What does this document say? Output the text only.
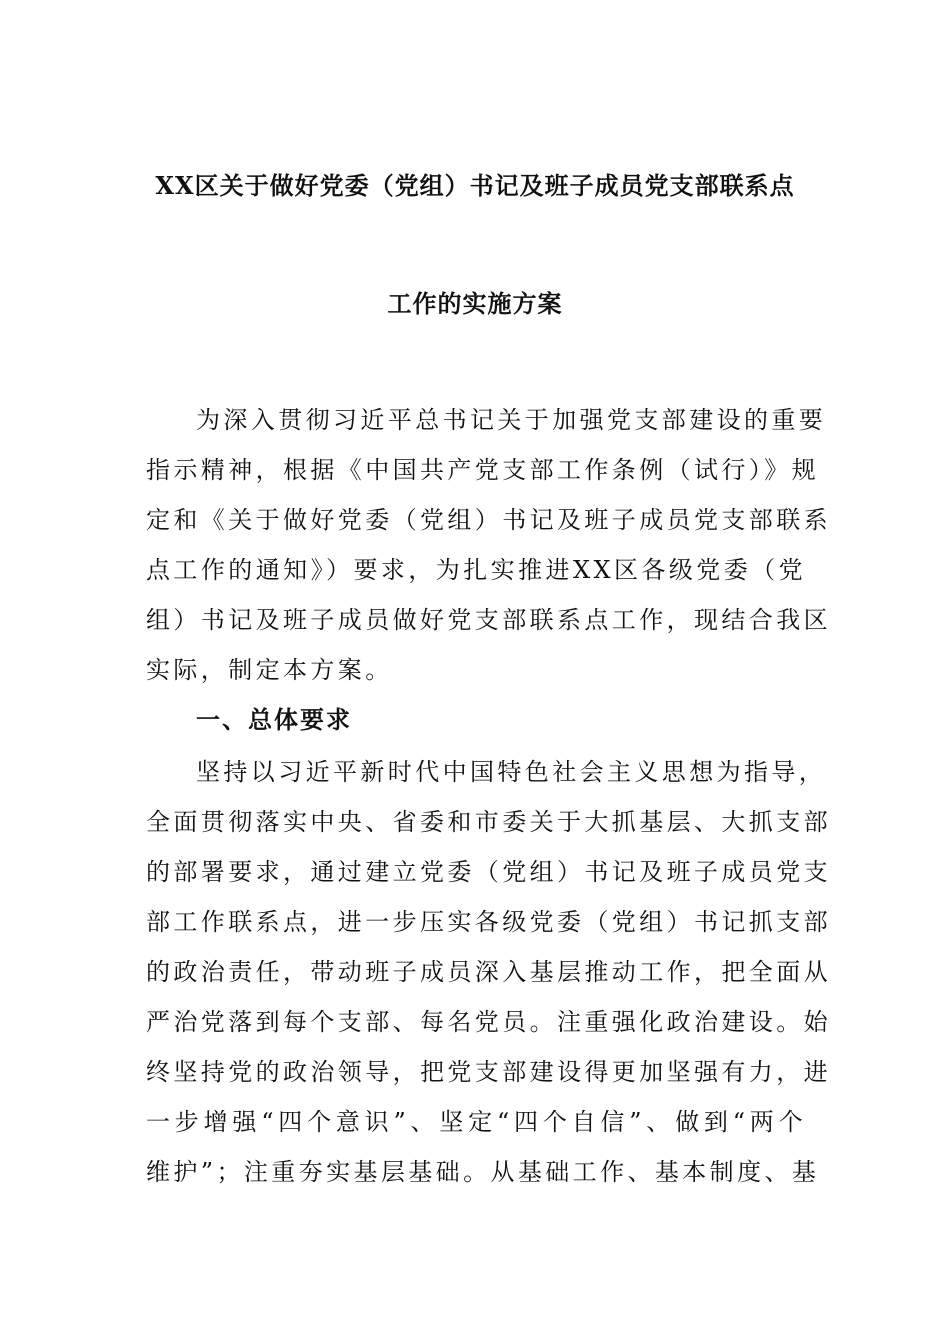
XX区关于做好党委（党组）书记及班子成员党支部联系点
工作的实施方案
为深入贯彻习近平总书记关于加强党支部建设的重要
指示精神，根据《中国共产党支部工作条例（试行）》规
定和《关于做好党委（党组）书记及班子成员党支部联系
点工作的通知》）要求，为扎实推进XX区各级党委（党
组）书记及班子成员做好党支部联系点工作，现结合我区
实际，制定本方案。
一、总体要求
坚持以习近平新时代中国特色社会主义思想为指导，
全面贯彻落实中央、省委和市委关于大抓基层、大抓支部
的部署要求，通过建立党委（党组）书记及班子成员党支
部工作联系点，进一步压实各级党委（党组）书记抓支部
的政治责任，带动班子成员深入基层推动工作，把全面从
严治党落到每个支部、每名党员。注重强化政治建设。始
终坚持党的政治领导，把党支部建设得更加坚强有力，进
一步增强“四个意识”、坚定“四个自信”、做到“两个
维护”；注重夯实基层基础。从基础工作、基本制度、基
